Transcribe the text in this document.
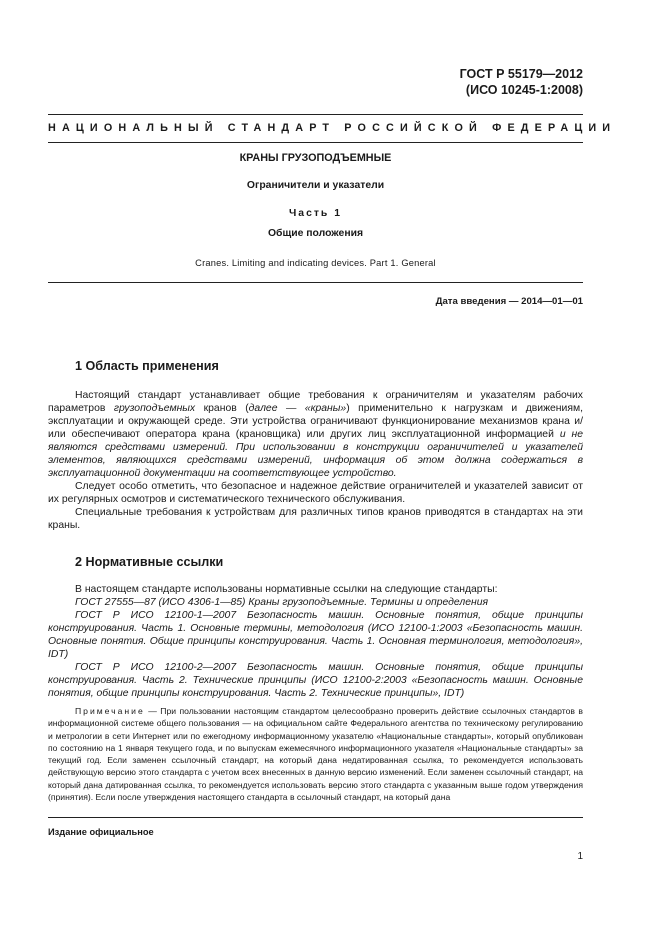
ГОСТ Р 55179—2012
(ИСО 10245-1:2008)
НАЦИОНАЛЬНЫЙ СТАНДАРТ РОССИЙСКОЙ ФЕДЕРАЦИИ
КРАНЫ ГРУЗОПОДЪЕМНЫЕ
Ограничители и указатели
Часть 1
Общие положения
Cranes. Limiting and indicating devices. Part 1. General
Дата введения — 2014—01—01
1 Область применения

Настоящий стандарт устанавливает общие требования к ограничителям и указателям рабочих параметров грузоподъемных кранов (далее — «краны») применительно к нагрузкам и движениям, эксплуатации и окружающей среде. Эти устройства ограничивают функционирование механизмов крана и/или обеспечивают оператора крана (крановщика) или других лиц эксплуатационной информацией и не являются средствами измерений. При использовании в конструкции ограничителей и указателей элементов, являющихся средствами измерений, информация об этом должна содержаться в эксплуатационной документации на соответствующее устройство.

Следует особо отметить, что безопасное и надежное действие ограничителей и указателей зависит от их регулярных осмотров и систематического технического обслуживания.

Специальные требования к устройствам для различных типов кранов приводятся в стандартах на эти краны.

2 Нормативные ссылки

В настоящем стандарте использованы нормативные ссылки на следующие стандарты:

ГОСТ 27555—87 (ИСО 4306-1—85) Краны грузоподъемные. Термины и определения

ГОСТ Р ИСО 12100-1—2007 Безопасность машин. Основные понятия, общие принципы конструирования. Часть 1. Основные термины, методология (ИСО 12100-1:2003 «Безопасность машин. Основные понятия. Общие принципы конструирования. Часть 1. Основная терминология, методология», IDT)

ГОСТ Р ИСО 12100-2—2007 Безопасность машин. Основные понятия, общие принципы конструирования. Часть 2. Технические принципы (ИСО 12100-2:2003 «Безопасность машин. Основные понятия, общие принципы конструирования. Часть 2. Технические принципы», IDT)

Примечание — При пользовании настоящим стандартом целесообразно проверить действие ссылочных стандартов в информационной системе общего пользования — на официальном сайте Федерального агентства по техническому регулированию и метрологии в сети Интернет или по ежегодному информационному указателю «Национальные стандарты», который опубликован по состоянию на 1 января текущего года, и по выпускам ежемесячного информационного указателя «Национальные стандарты» за текущий год. Если заменен ссылочный стандарт, на который дана недатированная ссылка, то рекомендуется использовать действующую версию этого стандарта с учетом всех внесенных в данную версию изменений. Если заменен ссылочный стандарт, на который дана датированная ссылка, то рекомендуется использовать версию этого стандарта с указанным выше годом утверждения (принятия). Если после утверждения настоящего стандарта в ссылочный стандарт, на который дана

Издание официальное
1
